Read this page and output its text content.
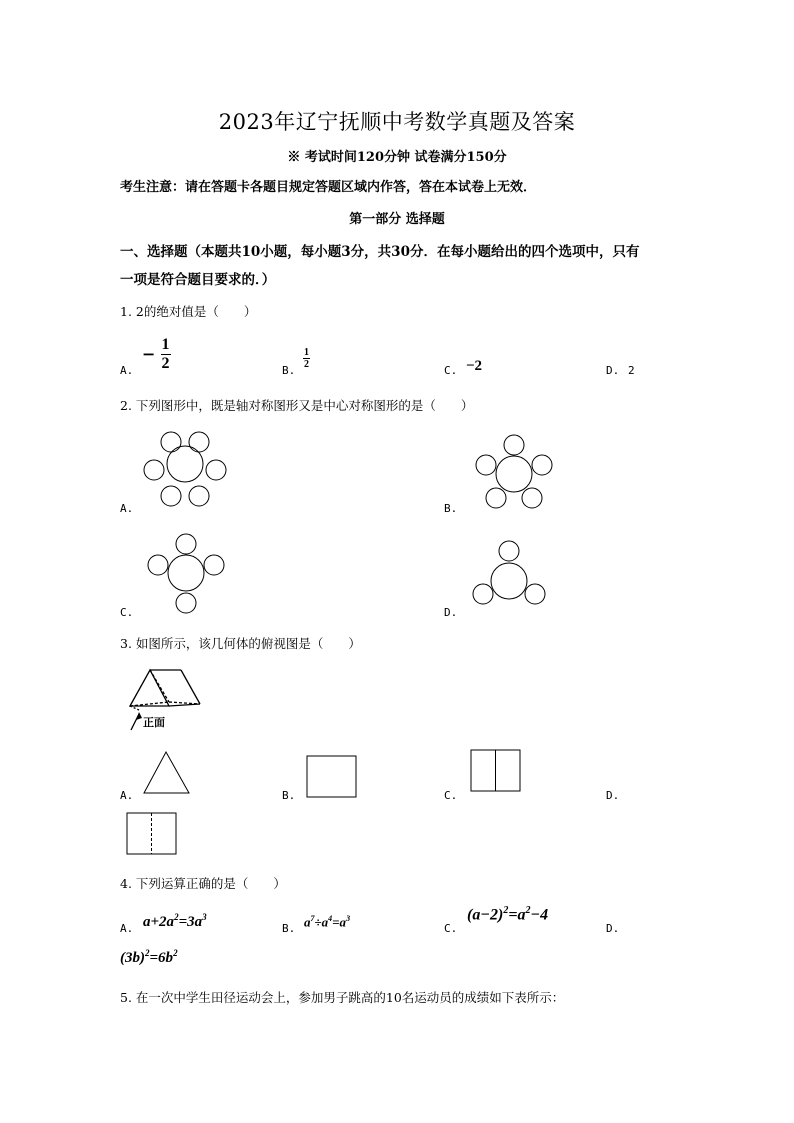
2023年辽宁抚顺中考数学真题及答案
※ 考试时间120分钟 试卷满分150分
考生注意：请在答题卡各题目规定答题区域内作答，答在本试卷上无效．
第一部分 选择题
一、选择题（本题共10小题，每小题3分，共30分．在每小题给出的四个选项中，只有
一项是符合题目要求的．）
1. 2的绝对值是（　　）
A.
− $\frac{1}{2}$	B.
$\frac{1}{2}$
C. −2	D. 2
2. 下列图形中，既是轴对称图形又是中心对称图形的是（　　）
A.	B.
C.	D.
3. 如图所示，该几何体的俯视图是（　　）
正面
A.	B.	C.	D.
4. 下列运算正确的是（　　）
A. $a+2a^2=3a^3$
B. $a^7\div a^4=a^3$
C.
$(a-2)^2=a^2-4$
D.
$(3b)^2=6b^2$
5. 在一次中学生田径运动会上，参加男子跳高的10名运动员的成绩如下表所示：
